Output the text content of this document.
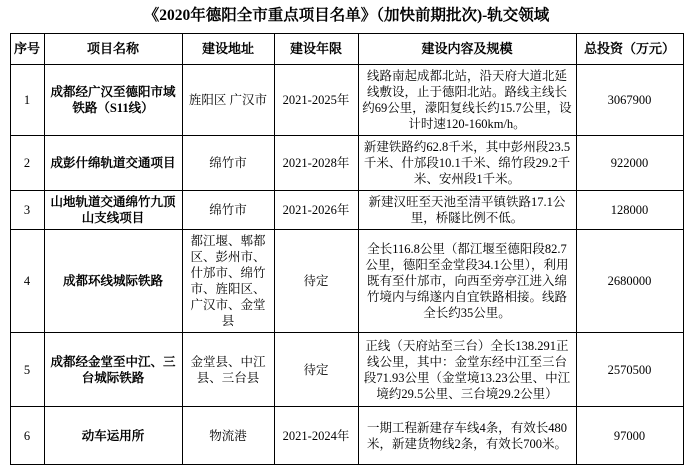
《2020年德阳全市重点项目名单》（加快前期批次)-轨交领域
序号	项目名称	建设地址	建设年限	建设内容及规模	总投资（万元）
1	成都经广汉至德阳市域铁路（S11线）	旌阳区 广汉市	2021-2025年	线路南起成都北站，沿天府大道北延线敷设，止于德阳北站。路线主线长约69公里，濛阳复线长约15.7公里，设计时速120-160km/h。	3067900
2	成彭什绵轨道交通项目	绵竹市	2021-2028年	新建铁路约62.8千米，其中彭州段23.5千米、什邡段10.1千米、绵竹段29.2千米、安州段1千米。	922000
3	山地轨道交通绵竹九顶山支线项目	绵竹市	2021-2026年	新建汉旺至天池至清平镇铁路17.1公里，桥隧比例不低。	128000
4	成都环线城际铁路	都江堰、郫都区、彭州市、什邡市、绵竹市、旌阳区、广汉市、金堂县	待定	全长116.8公里（都江堰至德阳段82.7公里，德阳至金堂段34.1公里），利用既有至什邡市，向西至旁亭江进入绵竹境内与绵遂内自宜铁路相接。线路全长约35公里。	2680000
5	成都经金堂至中江、三台城际铁路	金堂县、中江县、三台县	待定	正线（天府站至三台）全长138.291正线公里，其中：金堂东经中江至三台段71.93公里（金堂境13.23公里、中江境约29.5公里、三台境29.2公里）	2570500
6	动车运用所	物流港	2021-2024年	一期工程新建存车线4条，有效长480米，新建货物线2条，有效长700米。	97000
